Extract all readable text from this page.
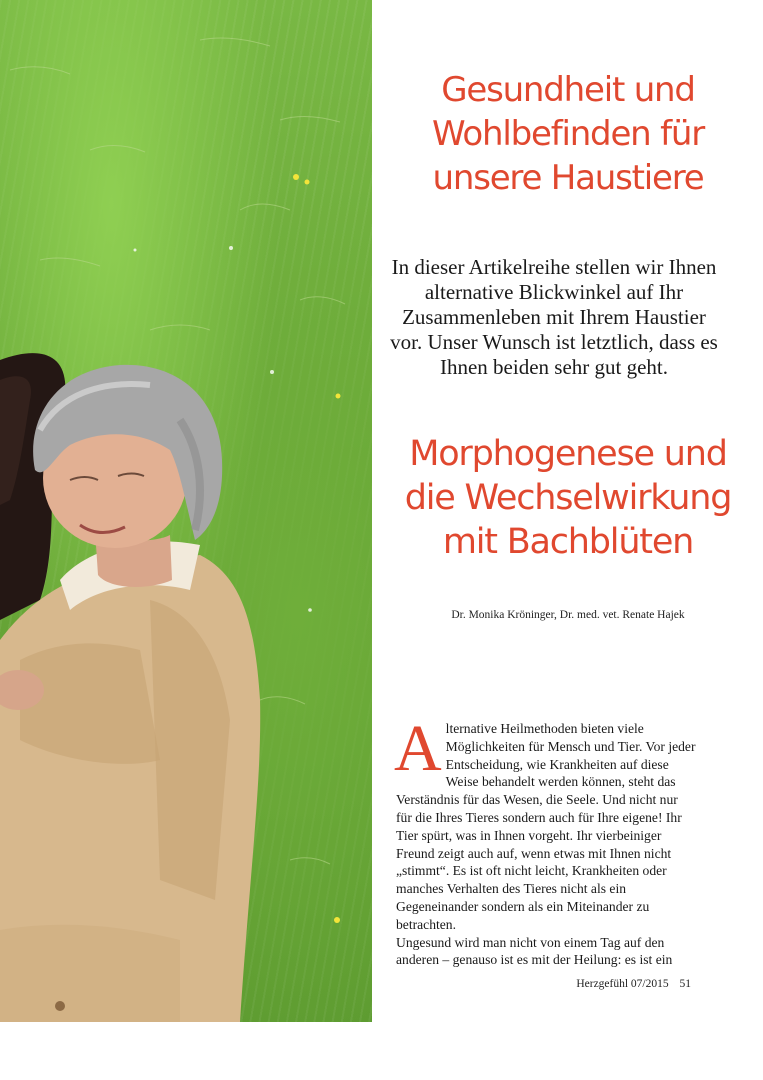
Gesundheit und
Wohlbefinden für
unsere Haustiere

In dieser Artikelreihe stellen wir Ihnen alternative Blickwinkel auf Ihr Zusammenleben mit Ihrem Haustier vor. Unser Wunsch ist letztlich, dass es Ihnen beiden sehr gut geht.

Morphogenese und
die Wechselwirkung
mit Bachblüten

Dr. Monika Kröninger, Dr. med. vet. Renate Hajek

A lternative Heilmethoden bieten viele Möglichkeiten für Mensch und Tier. Vor jeder Entscheidung, wie Krankheiten auf diese Weise behandelt werden können, steht das Verständnis für das Wesen, die Seele. Und nicht nur für die Ihres Tieres sondern auch für Ihre eigene! Ihr Tier spürt, was in Ihnen vorgeht. Ihr vierbeiniger Freund zeigt auch auf, wenn etwas mit Ihnen nicht „stimmt“. Es ist oft nicht leicht, Krankheiten oder manches Verhalten des Tieres nicht als ein Gegeneinander sondern als ein Miteinander zu betrachten.
Ungesund wird man nicht von einem Tag auf den anderen – genauso ist es mit der Heilung: es ist ein

Herzgefühl 07/2015 51
